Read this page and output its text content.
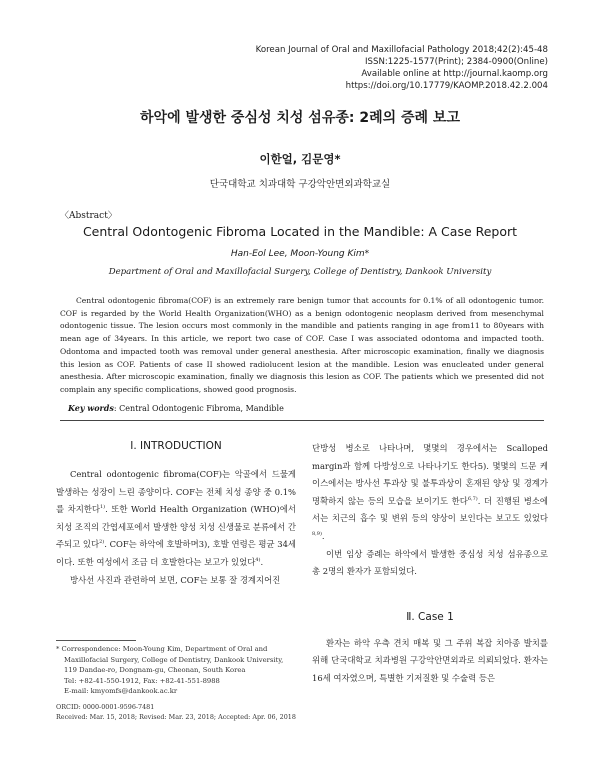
Korean Journal of Oral and Maxillofacial Pathology 2018;42(2):45-48
ISSN:1225-1577(Print); 2384-0900(Online)
Available online at http://journal.kaomp.org
https://doi.org/10.17779/KAOMP.2018.42.2.004
하악에 발생한 중심성 치성 섬유종: 2례의 증례 보고
이한얼, 김문영*
단국대학교 치과대학 구강악안면외과학교실
〈Abstract〉
Central Odontogenic Fibroma Located in the Mandible: A Case Report
Han-Eol Lee, Moon-Young Kim*
Department of Oral and Maxillofacial Surgery, College of Dentistry, Dankook University

Central odontogenic fibroma(COF) is an extremely rare benign tumor that accounts for 0.1% of all odontogenic tumor. COF is regarded by the World Health Organization(WHO) as a benign odontogenic neoplasm derived from mesenchymal odontogenic tissue. The lesion occurs most commonly in the mandible and patients ranging in age from11 to 80years with mean age of 34years. In this article, we report two case of COF. Case I was associated odontoma and impacted tooth. Odontoma and impacted tooth was removal under general anesthesia. After microscopic examination, finally we diagnosis this lesion as COF. Patients of case II showed radiolucent lesion at the mandible. Lesion was enucleated under general anesthesia. After microscopic examination, finally we diagnosis this lesion as COF. The patients which we presented did not complain any specific complications, showed good prognosis.

Key words: Central Odontogenic Fibroma, Mandible
Ⅰ. INTRODUCTION

Central odontogenic fibroma(COF)는 악골에서 드물게 발생하는 성장이 느린 종양이다. COF는 전체 치성 종양 중 0.1%를 차지한다$^{1)}$. 또한 World Health Organization (WHO)에서 치성 조직의 간엽세포에서 발생한 양성 치성 신생물로 분류에서 간주되고 있다$^{2)}$. COF는 하악에 호발하며3), 호발 연령은 평균 34세이다. 또한 여성에서 조금 더 호발한다는 보고가 있었다$^{4)}$.

방사선 사진과 관련하여 보면, COF는 보통 잘 경계지어진

단방성 병소로 나타나며, 몇몇의 경우에서는 Scalloped margin과 함께 다방성으로 나타나기도 한다5). 몇몇의 드문 케이스에서는 방사선 투과상 및 불투과상이 혼재된 양상 및 경계가 명확하지 않는 등의 모습을 보이기도 한다$^{6,7)}$. 더 진행된 병소에서는 치근의 흡수 및 변위 등의 양상이 보인다는 보고도 있었다$^{8,9)}$.

이번 임상 증례는 하악에서 발생한 중심성 치성 섬유종으로 총 2명의 환자가 포함되었다.

Ⅱ. Case 1

환자는 하악 우측 견치 매복 및 그 주위 복잡 치아종 발치를 위해 단국대학교 치과병원 구강악안면외과로 의뢰되었다. 환자는 16세 여자였으며, 특별한 기저질환 및 수술력 등은

* Correspondence: Moon-Young Kim, Department of Oral and
Maxillofacial Surgery, College of Dentistry, Dankook University,
119 Dandae-ro, Dongnam-gu, Cheonan, South Korea
Tel: +82-41-550-1912, Fax: +82-41-551-8988
E-mail: kmyomfs@dankook.ac.kr
ORCID: 0000-0001-9596-7481
Received: Mar. 15, 2018; Revised: Mar. 23, 2018; Accepted: Apr. 06, 2018
